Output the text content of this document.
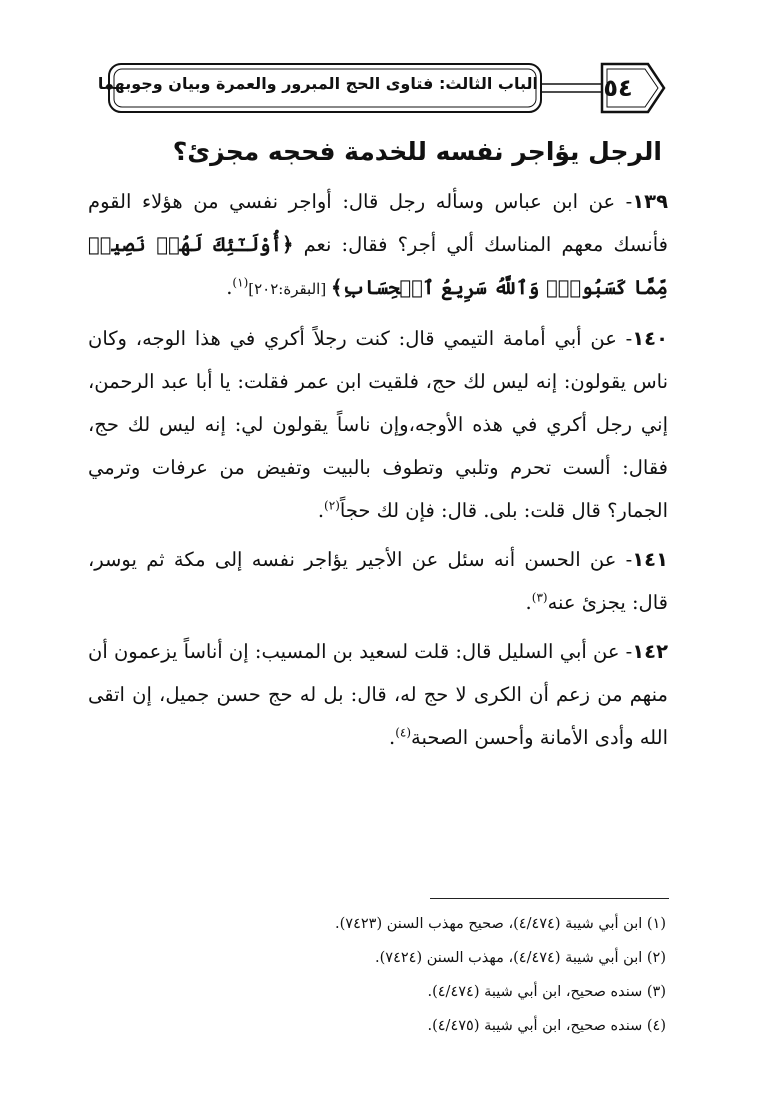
٥٤
الباب الثالث: فتاوى الحج المبرور والعمرة وبيان وجوبهما
الرجل يؤاجر نفسه للخدمة فحجه مجزئ؟

١٣٩- عن ابن عباس وسأله رجل قال: أواجر نفسي من هؤلاء القوم فأنسك معهم المناسك ألي أجر؟ فقال: نعم ﴿أُوْلَـٰٓئِكَ لَهُمۡ نَصِيبٞ مِّمَّا كَسَبُواْۚ وَٱللَّهُ سَرِيعُ ٱلۡحِسَابِ﴾ [البقرة:٢٠٢]$^{(١)}$.

١٤٠- عن أبي أمامة التيمي قال: كنت رجلاً أكري في هذا الوجه، وكان ناس يقولون: إنه ليس لك حج، فلقيت ابن عمر فقلت: يا أبا عبد الرحمن، إني رجل أكري في هذه الأوجه،وإن ناساً يقولون لي: إنه ليس لك حج، فقال: ألست تحرم وتلبي وتطوف بالبيت وتفيض من عرفات وترمي الجمار؟ قال قلت: بلى. قال: فإن لك حجاً$^{(٢)}$.

١٤١- عن الحسن أنه سئل عن الأجير يؤاجر نفسه إلى مكة ثم يوسر، قال: يجزئ عنه$^{(٣)}$.

١٤٢- عن أبي السليل قال: قلت لسعيد بن المسيب: إن أناساً يزعمون أن منهم من زعم أن الكرى لا حج له، قال: بل له حج حسن جميل، إن اتقى الله وأدى الأمانة وأحسن الصحبة$^{(٤)}$.

(١) ابن أبي شيبة (٤/٤٧٤)، صحيح مهذب السنن (٧٤٢٣).
(٢) ابن أبي شيبة (٤/٤٧٤)، مهذب السنن (٧٤٢٤).
(٣) سنده صحيح، ابن أبي شيبة (٤/٤٧٤).
(٤) سنده صحيح، ابن أبي شيبة (٤/٤٧٥).
